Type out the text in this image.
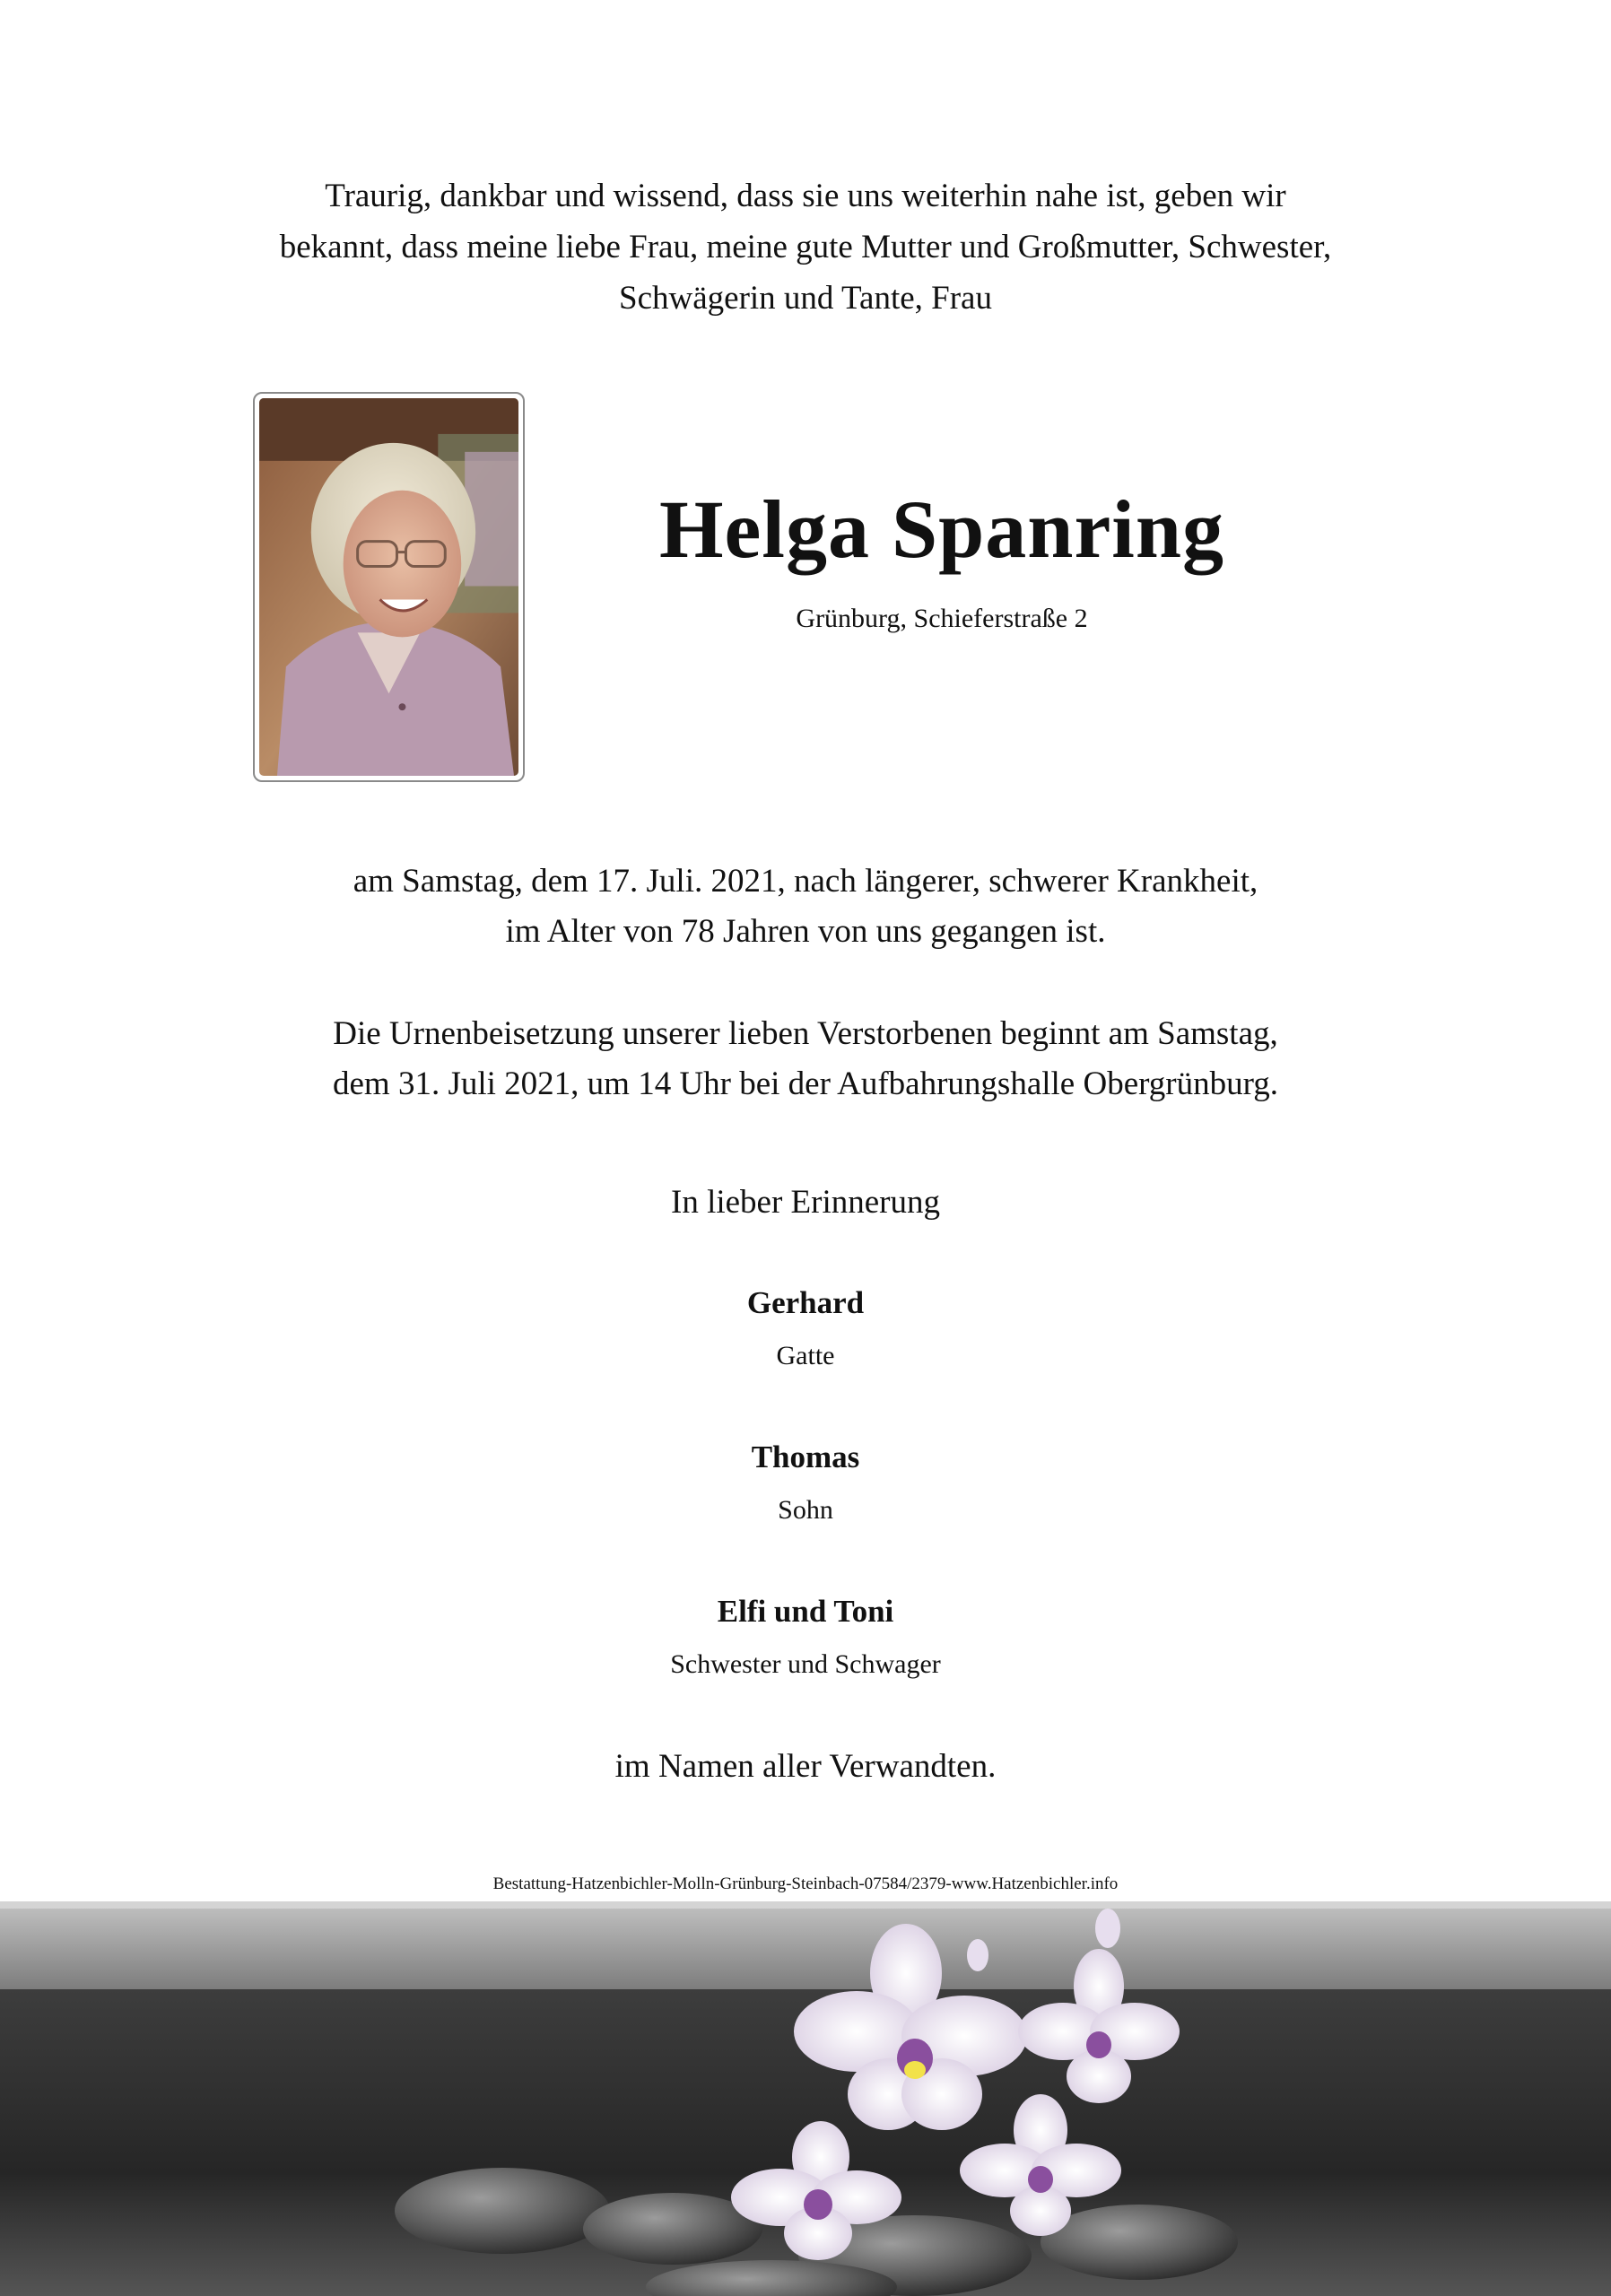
Traurig, dankbar und wissend, dass sie uns weiterhin nahe ist, geben wir
bekannt, dass meine liebe Frau, meine gute Mutter und Großmutter, Schwester,
Schwägerin und Tante, Frau
Helga Spanring
Grünburg, Schieferstraße 2
am Samstag, dem 17. Juli. 2021, nach längerer, schwerer Krankheit,
im Alter von 78 Jahren von uns gegangen ist.
Die Urnenbeisetzung unserer lieben Verstorbenen beginnt am Samstag,
dem 31. Juli 2021, um 14 Uhr bei der Aufbahrungshalle Obergrünburg.
In lieber Erinnerung
Gerhard
Gatte
Thomas
Sohn
Elfi und Toni
Schwester und Schwager
im Namen aller Verwandten.
Bestattung-Hatzenbichler-Molln-Grünburg-Steinbach-07584/2379-www.Hatzenbichler.info
